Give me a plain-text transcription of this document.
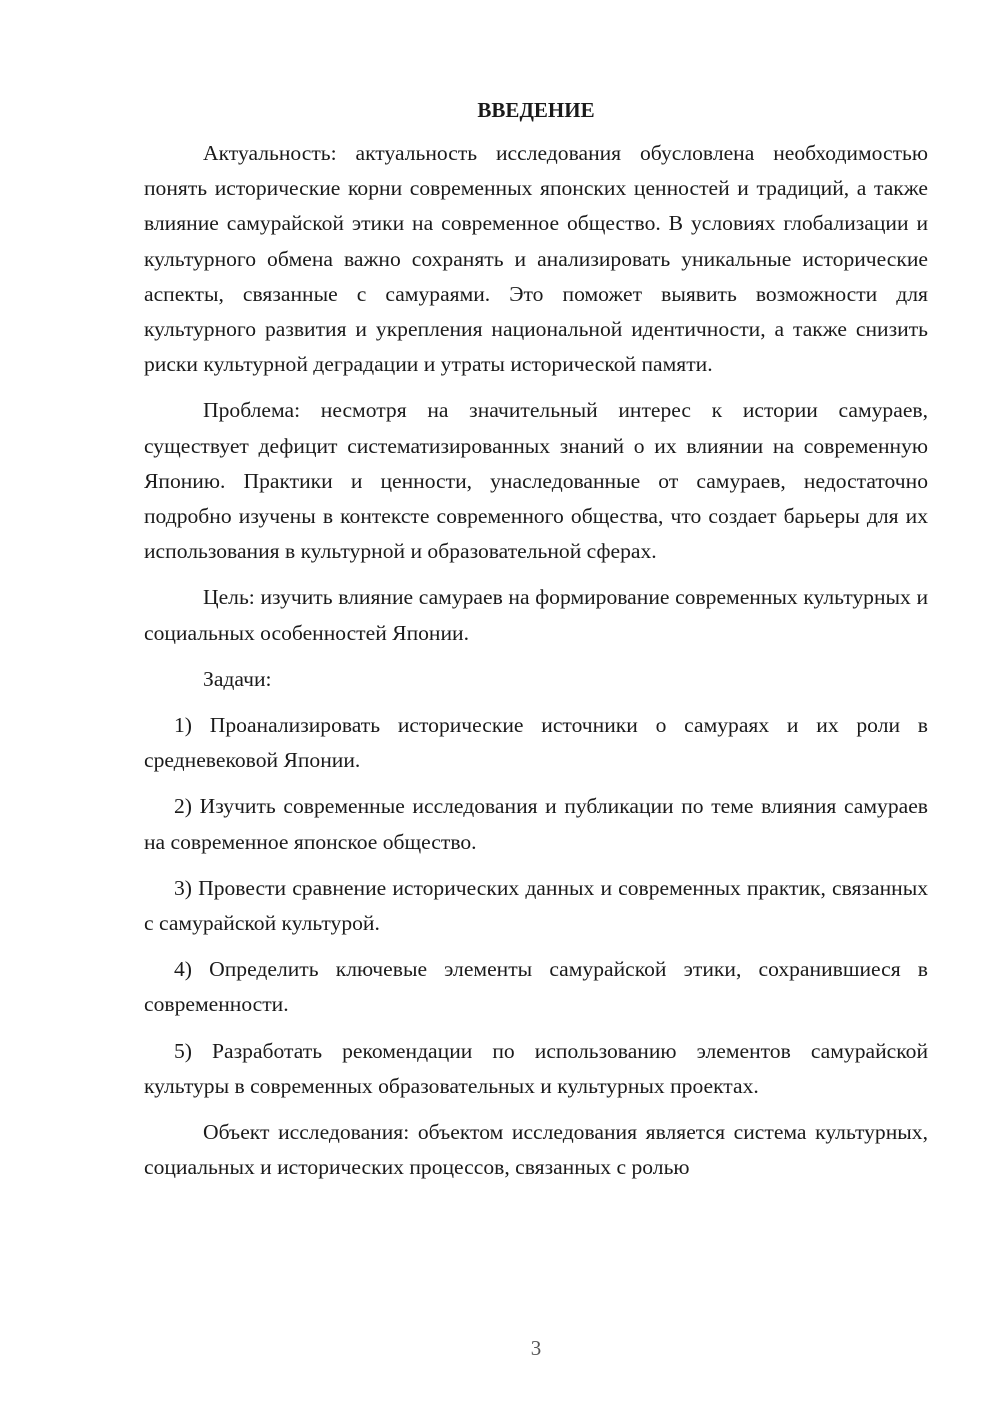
ВВЕДЕНИЕ

Актуальность: актуальность исследования обусловлена необходимостью понять исторические корни современных японских ценностей и традиций, а также влияние самурайской этики на современное общество. В условиях глобализации и культурного обмена важно сохранять и анализировать уникальные исторические аспекты, связанные с самураями. Это поможет выявить возможности для культурного развития и укрепления национальной идентичности, а также снизить риски культурной деградации и утраты исторической памяти.

Проблема: несмотря на значительный интерес к истории самураев, существует дефицит систематизированных знаний о их влиянии на современную Японию. Практики и ценности, унаследованные от самураев, недостаточно подробно изучены в контексте современного общества, что создает барьеры для их использования в культурной и образовательной сферах.

Цель: изучить влияние самураев на формирование современных культурных и социальных особенностей Японии.

Задачи:

1) Проанализировать исторические источники о самураях и их роли в средневековой Японии.

2) Изучить современные исследования и публикации по теме влияния самураев на современное японское общество.

3) Провести сравнение исторических данных и современных практик, связанных с самурайской культурой.

4) Определить ключевые элементы самурайской этики, сохранившиеся в современности.

5) Разработать рекомендации по использованию элементов самурайской культуры в современных образовательных и культурных проектах.

Объект исследования: объектом исследования является система культурных, социальных и исторических процессов, связанных с ролью

3
